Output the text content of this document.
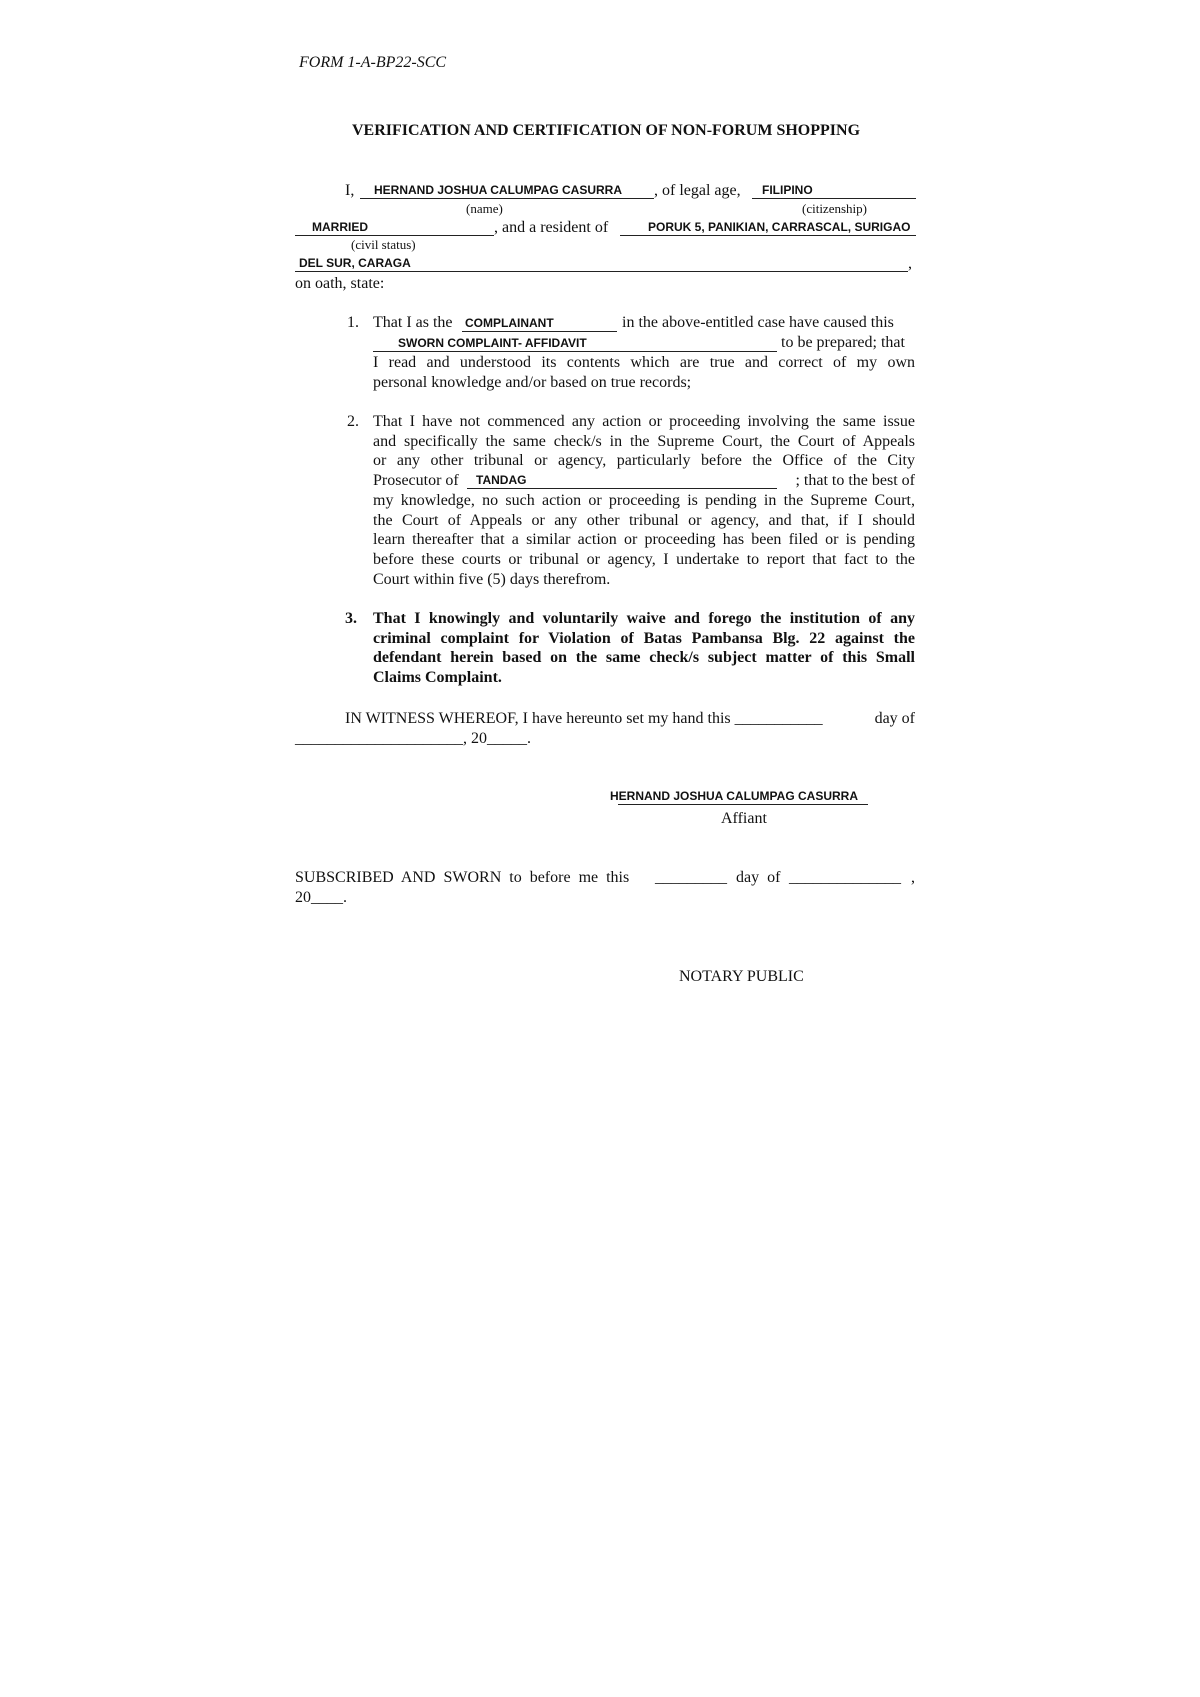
FORM 1-A-BP22-SCC
VERIFICATION AND CERTIFICATION OF NON-FORUM SHOPPING
I, HERNAND JOSHUA CALUMPAG CASURRA , of legal age, FILIPINO
(name)	(citizenship)
MARRIED	, and a resident of	PORUK 5, PANIKIAN, CARRASCAL, SURIGAO
(civil status)
DEL SUR, CARAGA	,
on oath, state:
1. That I as the COMPLAINANT	in the above-entitled case have caused this
SWORN COMPLAINT- AFFIDAVIT	to be prepared; that
I read and understood its contents which are true and correct of my own
personal knowledge and/or based on true records;
2. That I have not commenced any action or proceeding involving the same issue
and specifically the same check/s in the Supreme Court, the Court of Appeals
or any other tribunal or agency, particularly before the Office of the City
Prosecutor of TANDAG	; that to the best of
my knowledge, no such action or proceeding is pending in the Supreme Court,
the Court of Appeals or any other tribunal or agency, and that, if I should
learn thereafter that a similar action or proceeding has been filed or is pending
before these courts or tribunal or agency, I undertake to report that fact to the
Court within five (5) days therefrom.
3. That I knowingly and voluntarily waive and forego the institution of any
criminal complaint for Violation of Batas Pambansa Blg. 22 against the
defendant herein based on the same check/s subject matter of this Small
Claims Complaint.
IN WITNESS WHEREOF, I have hereunto set my hand this ___________	day of
_____________________, 20_____.
HERNAND JOSHUA CALUMPAG CASURRA
Affiant
SUBSCRIBED  AND  SWORN  to  before  me  this _________ day  of ______________ ,
20____.
NOTARY PUBLIC
